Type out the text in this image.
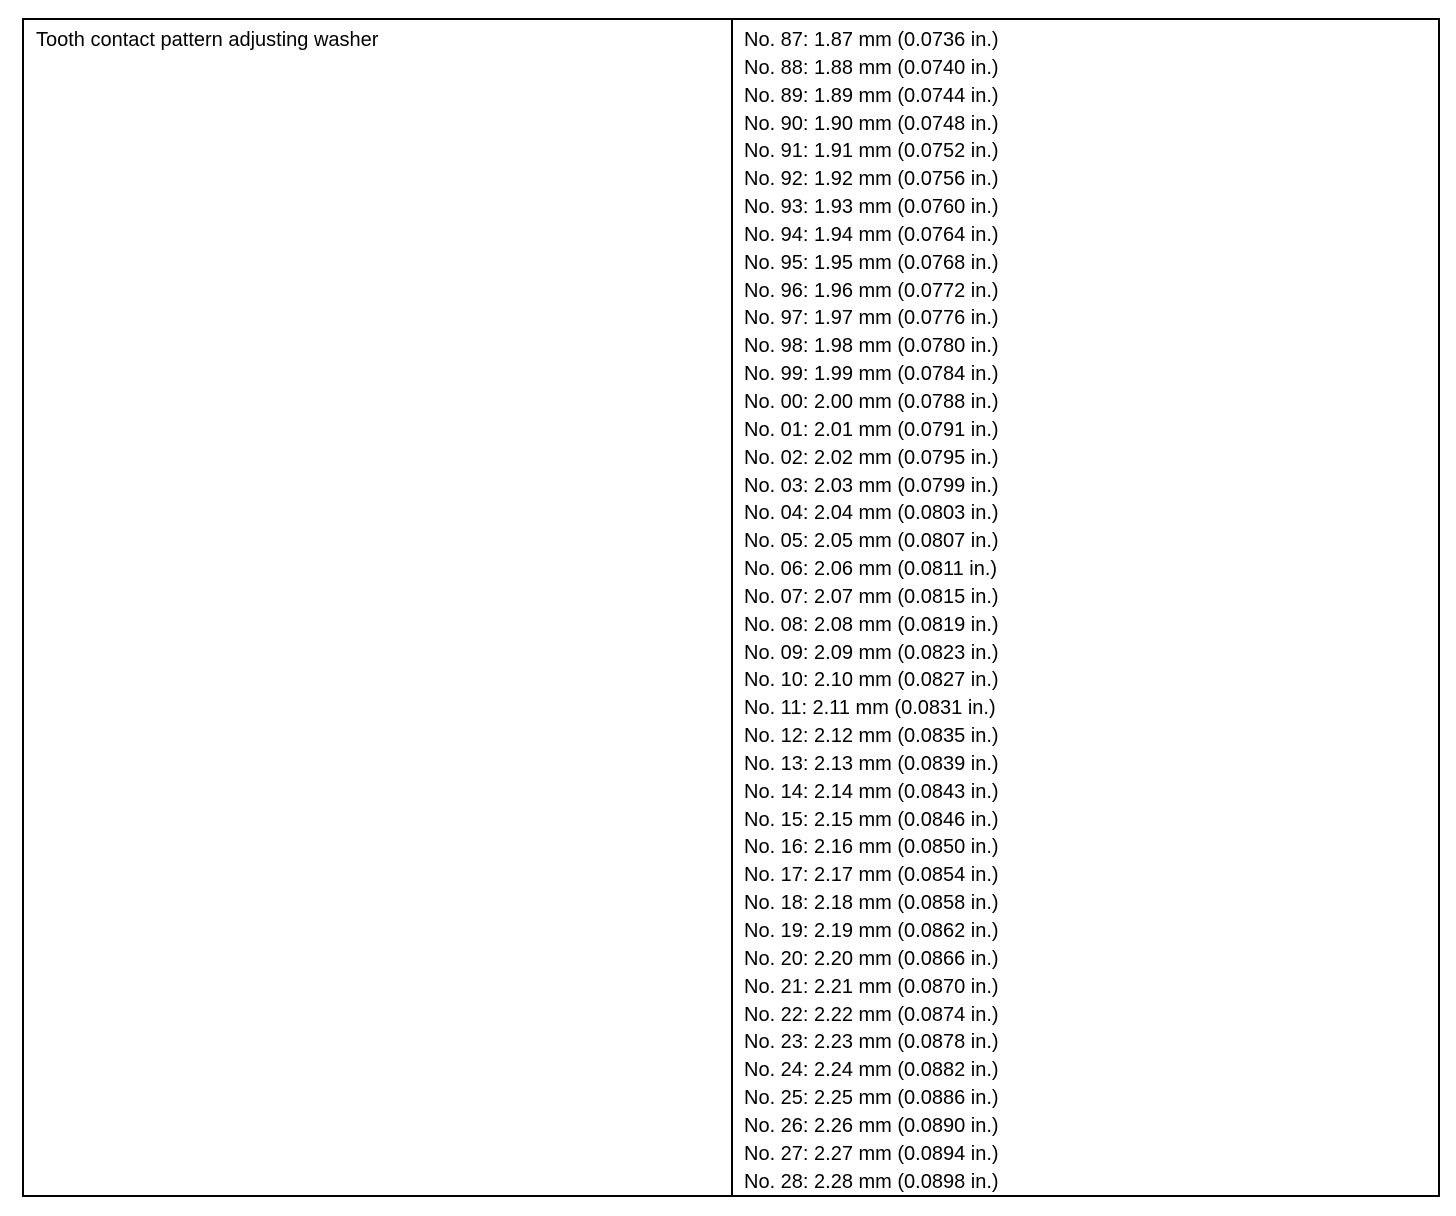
Tooth contact pattern adjusting washer	No. 87: 1.87 mm (0.0736 in.)
No. 88: 1.88 mm (0.0740 in.)
No. 89: 1.89 mm (0.0744 in.)
No. 90: 1.90 mm (0.0748 in.)
No. 91: 1.91 mm (0.0752 in.)
No. 92: 1.92 mm (0.0756 in.)
No. 93: 1.93 mm (0.0760 in.)
No. 94: 1.94 mm (0.0764 in.)
No. 95: 1.95 mm (0.0768 in.)
No. 96: 1.96 mm (0.0772 in.)
No. 97: 1.97 mm (0.0776 in.)
No. 98: 1.98 mm (0.0780 in.)
No. 99: 1.99 mm (0.0784 in.)
No. 00: 2.00 mm (0.0788 in.)
No. 01: 2.01 mm (0.0791 in.)
No. 02: 2.02 mm (0.0795 in.)
No. 03: 2.03 mm (0.0799 in.)
No. 04: 2.04 mm (0.0803 in.)
No. 05: 2.05 mm (0.0807 in.)
No. 06: 2.06 mm (0.0811 in.)
No. 07: 2.07 mm (0.0815 in.)
No. 08: 2.08 mm (0.0819 in.)
No. 09: 2.09 mm (0.0823 in.)
No. 10: 2.10 mm (0.0827 in.)
No. 11: 2.11 mm (0.0831 in.)
No. 12: 2.12 mm (0.0835 in.)
No. 13: 2.13 mm (0.0839 in.)
No. 14: 2.14 mm (0.0843 in.)
No. 15: 2.15 mm (0.0846 in.)
No. 16: 2.16 mm (0.0850 in.)
No. 17: 2.17 mm (0.0854 in.)
No. 18: 2.18 mm (0.0858 in.)
No. 19: 2.19 mm (0.0862 in.)
No. 20: 2.20 mm (0.0866 in.)
No. 21: 2.21 mm (0.0870 in.)
No. 22: 2.22 mm (0.0874 in.)
No. 23: 2.23 mm (0.0878 in.)
No. 24: 2.24 mm (0.0882 in.)
No. 25: 2.25 mm (0.0886 in.)
No. 26: 2.26 mm (0.0890 in.)
No. 27: 2.27 mm (0.0894 in.)
No. 28: 2.28 mm (0.0898 in.)
